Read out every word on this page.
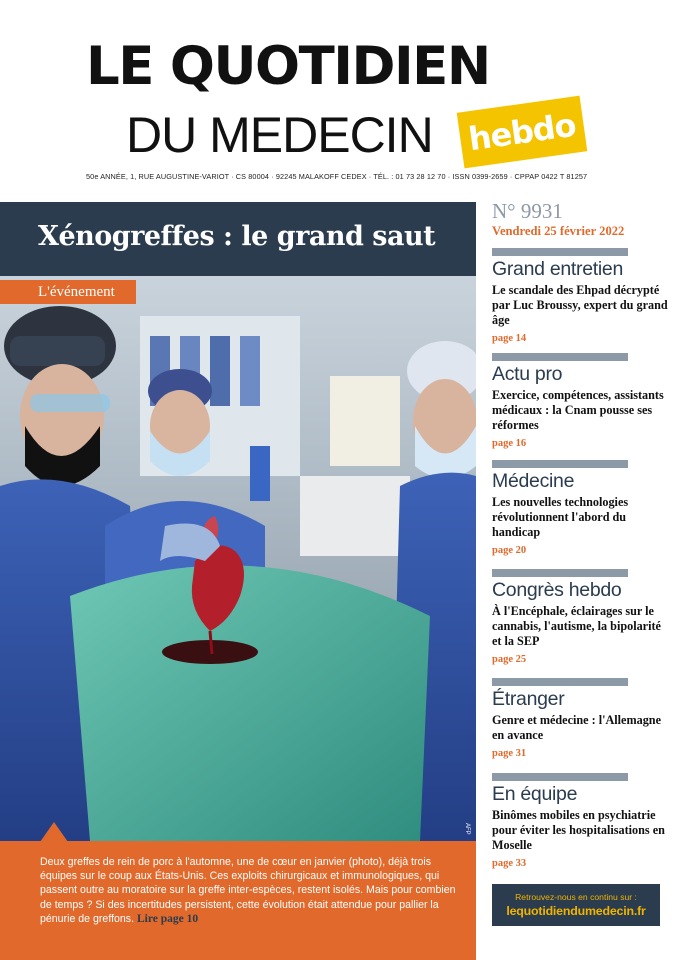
LE QUOTIDIEN
DU MEDECIN hebdo
50e ANNÉE, 1, RUE AUGUSTINE-VARIOT · CS 80004 · 92245 MALAKOFF CEDEX · TÉL. : 01 73 28 12 70 · ISSN 0399-2659 · CPPAP 0422 T 81257
Xénogreffes : le grand saut
AFP
L'événement
Deux greffes de rein de porc à l'automne, une de cœur en janvier (photo), déjà trois équipes sur le coup aux États-Unis. Ces exploits chirurgicaux et immunologiques, qui passent outre au moratoire sur la greffe inter-espèces, restent isolés. Mais pour combien de temps ? Si des incertitudes persistent, cette évolution était attendue pour pallier la pénurie de greffons. Lire page 10
N° 9931
Vendredi 25 février 2022
Grand entretien
Le scandale des Ehpad décrypté par Luc Broussy, expert du grand âge
page 14
Actu pro
Exercice, compétences, assistants médicaux : la Cnam pousse ses réformes
page 16
Médecine
Les nouvelles technologies révolutionnent l'abord du handicap
page 20
Congrès hebdo
À l'Encéphale, éclairages sur le cannabis, l'autisme, la bipolarité et la SEP
page 25
Étranger
Genre et médecine : l'Allemagne en avance
page 31
En équipe
Binômes mobiles en psychiatrie pour éviter les hospitalisations en Moselle
page 33
Retrouvez-nous en continu sur :
lequotidiendumedecin.fr
